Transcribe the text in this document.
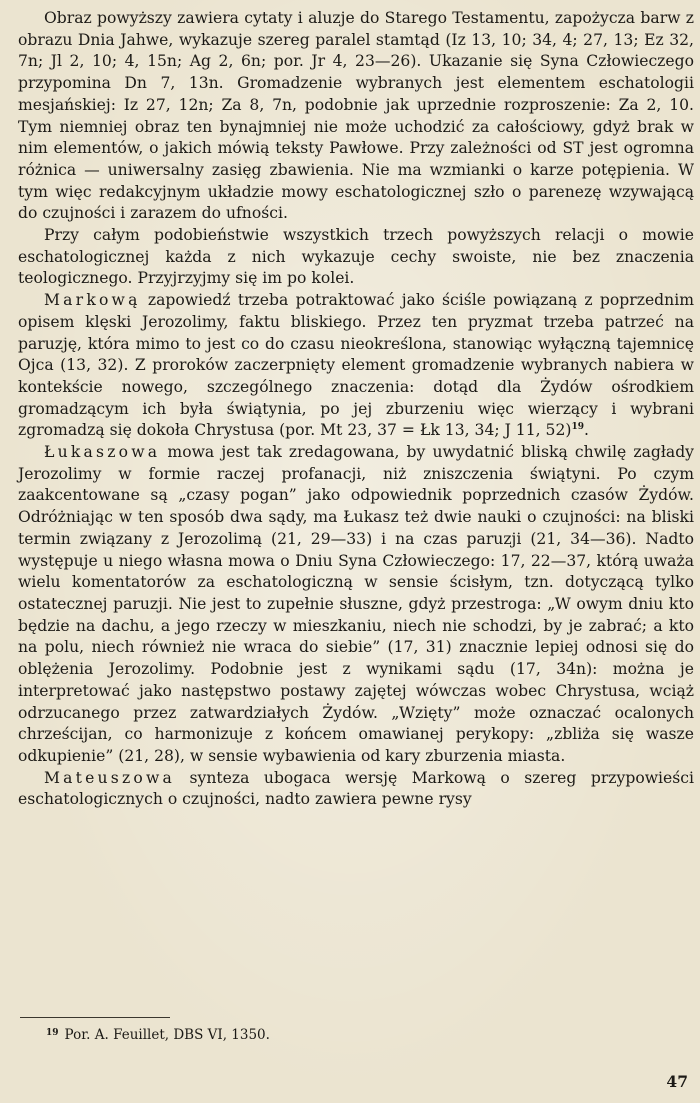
Obraz powyższy zawiera cytaty i aluzje do Starego Testamentu, zapożycza barw z obrazu Dnia Jahwe, wykazuje szereg paralel stamtąd (Iz 13, 10; 34, 4; 27, 13; Ez 32, 7n; Jl 2, 10; 4, 15n; Ag 2, 6n; por. Jr 4, 23—26). Ukazanie się Syna Człowieczego przypomina Dn 7, 13n. Gromadzenie wybranych jest elementem eschatologii mesjańskiej: Iz 27, 12n; Za 8, 7n, podobnie jak uprzednie rozproszenie: Za 2, 10. Tym niemniej obraz ten bynajmniej nie może uchodzić za całościowy, gdyż brak w nim elementów, o jakich mówią teksty Pawłowe. Przy zależności od ST jest ogromna różnica — uniwersalny zasięg zbawienia. Nie ma wzmianki o karze potępienia. W tym więc redakcyjnym układzie mowy eschatologicznej szło o parenezę wzywającą do czujności i zarazem do ufności.

Przy całym podobieństwie wszystkich trzech powyższych relacji o mowie eschatologicznej każda z nich wykazuje cechy swoiste, nie bez znaczenia teologicznego. Przyjrzyjmy się im po kolei.

Markową zapowiedź trzeba potraktować jako ściśle powiązaną z poprzednim opisem klęski Jerozolimy, faktu bliskiego. Przez ten pryzmat trzeba patrzeć na paruzję, która mimo to jest co do czasu nieokreślona, stanowiąc wyłączną tajemnicę Ojca (13, 32). Z proroków zaczerpnięty element gromadzenie wybranych nabiera w kontekście nowego, szczególnego znaczenia: dotąd dla Żydów ośrodkiem gromadzącym ich była świątynia, po jej zburzeniu więc wierzący i wybrani zgromadzą się dokoła Chrystusa (por. Mt 23, 37 = Łk 13, 34; J 11, 52)$^{19}$.

Łukaszowa mowa jest tak zredagowana, by uwydatnić bliską chwilę zagłady Jerozolimy w formie raczej profanacji, niż zniszczenia świątyni. Po czym zaakcentowane są „czasy pogan” jako odpowiednik poprzednich czasów Żydów. Odróżniając w ten sposób dwa sądy, ma Łukasz też dwie nauki o czujności: na bliski termin związany z Jerozolimą (21, 29—33) i na czas paruzji (21, 34—36). Nadto występuje u niego własna mowa o Dniu Syna Człowieczego: 17, 22—37, którą uważa wielu komentatorów za eschatologiczną w sensie ścisłym, tzn. dotyczącą tylko ostatecznej paruzji. Nie jest to zupełnie słuszne, gdyż przestroga: „W owym dniu kto będzie na dachu, a jego rzeczy w mieszkaniu, niech nie schodzi, by je zabrać; a kto na polu, niech również nie wraca do siebie” (17, 31) znacznie lepiej odnosi się do oblężenia Jerozolimy. Podobnie jest z wynikami sądu (17, 34n): można je interpretować jako następstwo postawy zajętej wówczas wobec Chrystusa, wciąż odrzucanego przez zatwardziałych Żydów. „Wzięty” może oznaczać ocalonych chrześcijan, co harmonizuje z końcem omawianej perykopy: „zbliża się wasze odkupienie” (21, 28), w sensie wybawienia od kary zburzenia miasta.

Mateuszowa synteza ubogaca wersję Markową o szereg przypowieści eschatologicznych o czujności, nadto zawiera pewne rysy

$^{19}$ Por. A. Feuillet, DBS VI, 1350.
47
